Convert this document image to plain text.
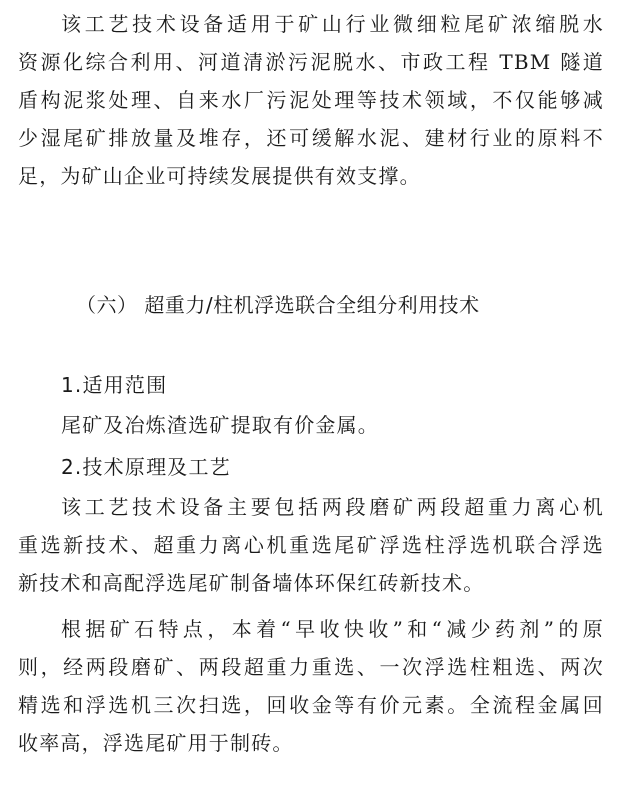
该工艺技术设备适用于矿山行业微细粒尾矿浓缩脱水
资源化综合利用、河道清淤污泥脱水、市政工程 TBM 隧道
盾构泥浆处理、自来水厂污泥处理等技术领域，不仅能够减
少湿尾矿排放量及堆存，还可缓解水泥、建材行业的原料不
足，为矿山企业可持续发展提供有效支撑。
（六） 超重力/柱机浮选联合全组分利用技术
1.适用范围
尾矿及冶炼渣选矿提取有价金属。
2.技术原理及工艺
该工艺技术设备主要包括两段磨矿两段超重力离心机
重选新技术、超重力离心机重选尾矿浮选柱浮选机联合浮选
新技术和高配浮选尾矿制备墙体环保红砖新技术。
根据矿石特点，本着“早收快收”和“减少药剂”的原
则，经两段磨矿、两段超重力重选、一次浮选柱粗选、两次
精选和浮选机三次扫选，回收金等有价元素。全流程金属回
收率高，浮选尾矿用于制砖。
